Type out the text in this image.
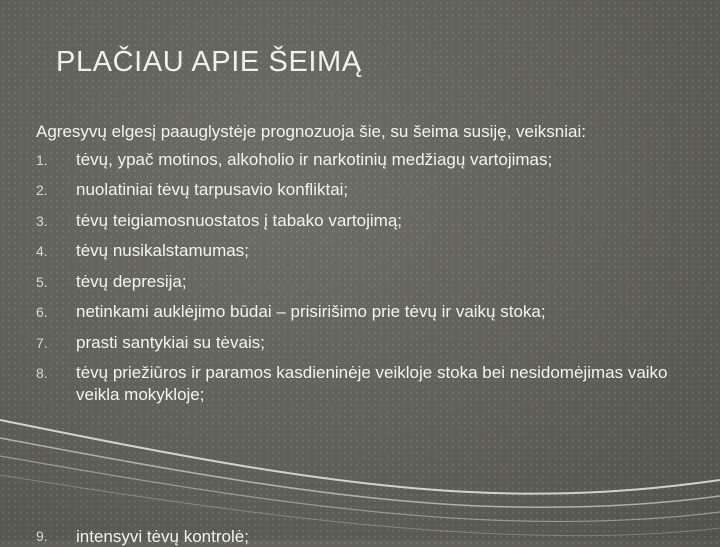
PLAČIAU APIE ŠEIMĄ

Agresyvų elgesį paauglystėje prognozuoja šie, su šeima susiję, veiksniai:

1. tėvų, ypač motinos, alkoholio ir narkotinių medžiagų vartojimas;
2. nuolatiniai tėvų tarpusavio konfliktai;
3. tėvų teigiamosnuostatos į tabako vartojimą;
4. tėvų nusikalstamumas;
5. tėvų depresija;
6. netinkami auklėjimo būdai – prisirišimo prie tėvų ir vaikų stoka;
7. prasti santykiai su tėvais;
8. tėvų priežiūros ir paramos kasdieninėje veikloje stoka bei nesidomėjimas vaiko veikla mokykloje;
9. intensyvi tėvų kontrolė;
